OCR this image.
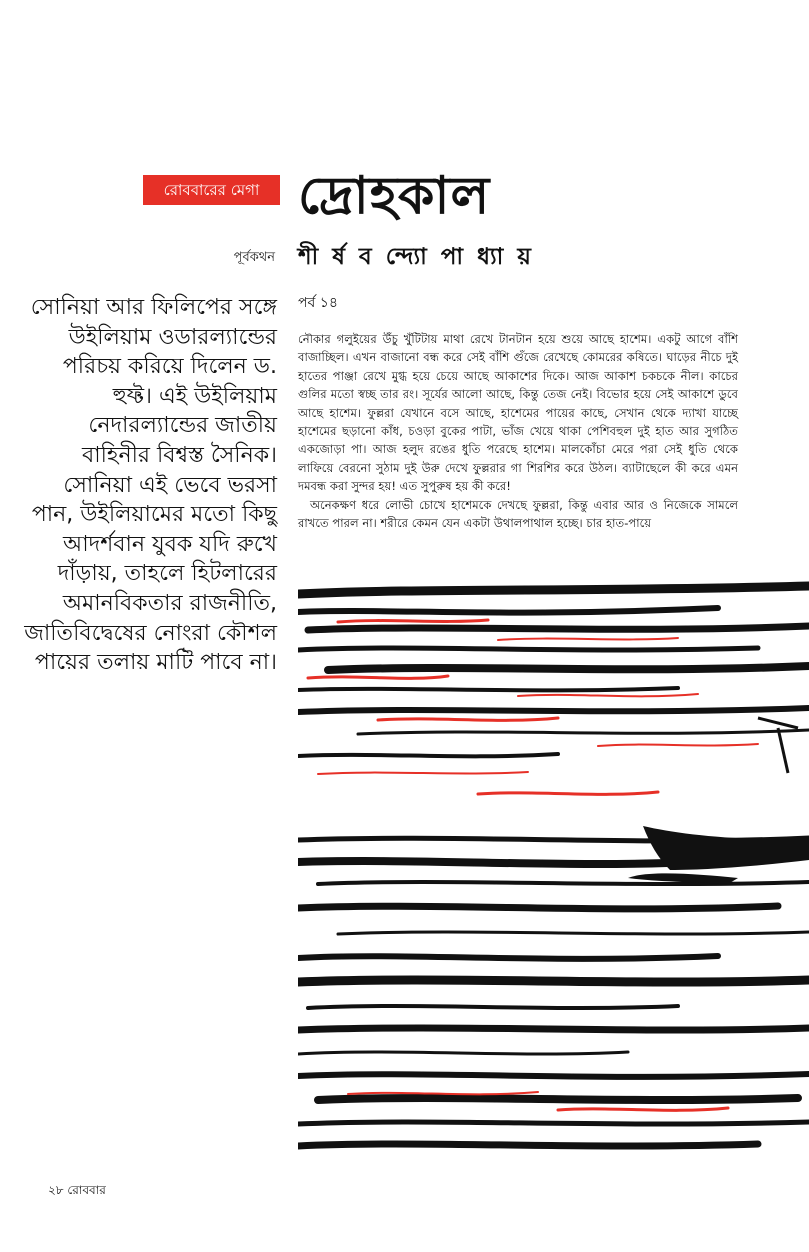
রোববারের মেগা দ্রোহকাল
পূর্বকথন শী র্ষ ব ন্দ্যো পা ধ্যা য়
সোনিয়া আর ফিলিপের সঙ্গে উইলিয়াম ওডারল্যান্ডের পরিচয় করিয়ে দিলেন ড. হুফ্ট। এই উইলিয়াম নেদারল্যান্ডের জাতীয় বাহিনীর বিশ্বস্ত সৈনিক। সোনিয়া এই ভেবে ভরসা পান, উইলিয়ামের মতো কিছু আদর্শবান যুবক যদি রুখে দাঁড়ায়, তাহলে হিটলারের অমানবিকতার রাজনীতি, জাতিবিদ্বেষের নোংরা কৌশল পায়ের তলায় মাটি পাবে না।
পর্ব ১৪

নৌকার গলুইয়ের উঁচু খুঁটিটায় মাথা রেখে টানটান হয়ে শুয়ে আছে হাশেম। একটু আগে বাঁশি বাজাচ্ছিল। এখন বাজানো বন্ধ করে সেই বাঁশি গুঁজে রেখেছে কোমরের কষিতে। ঘাড়ের নীচে দুই হাতের পাঞ্জা রেখে মুগ্ধ হয়ে চেয়ে আছে আকাশের দিকে। আজ আকাশ চকচকে নীল। কাচের গুলির মতো স্বচ্ছ তার রং। সূর্যের আলো আছে, কিন্তু তেজ নেই। বিভোর হয়ে সেই আকাশে ডুবে আছে হাশেম। ফুল্লরা যেখানে বসে আছে, হাশেমের পায়ের কাছে, সেখান থেকে দ্যাখা যাচ্ছে হাশেমের ছড়ানো কাঁধ, চওড়া বুকের পাটা, ভাঁজ খেয়ে থাকা পেশিবহুল দুই হাত আর সুগঠিত একজোড়া পা। আজ হলুদ রঙের ধুতি পরেছে হাশেম। মালকোঁচা মেরে পরা সেই ধুতি থেকে লাফিয়ে বেরনো সুঠাম দুই উরু দেখে ফুল্লরার গা শিরশির করে উঠল। ব্যাটাছেলে কী করে এমন দমবন্ধ করা সুন্দর হয়! এত সুপুরুষ হয় কী করে!

অনেকক্ষণ ধরে লোভী চোখে হাশেমকে দেখছে ফুল্লরা, কিন্তু এবার আর ও নিজেকে সামলে রাখতে পারল না। শরীরে কেমন যেন একটা উথালপাথাল হচ্ছে। চার হাত-পায়ে

২৮ রোববার
